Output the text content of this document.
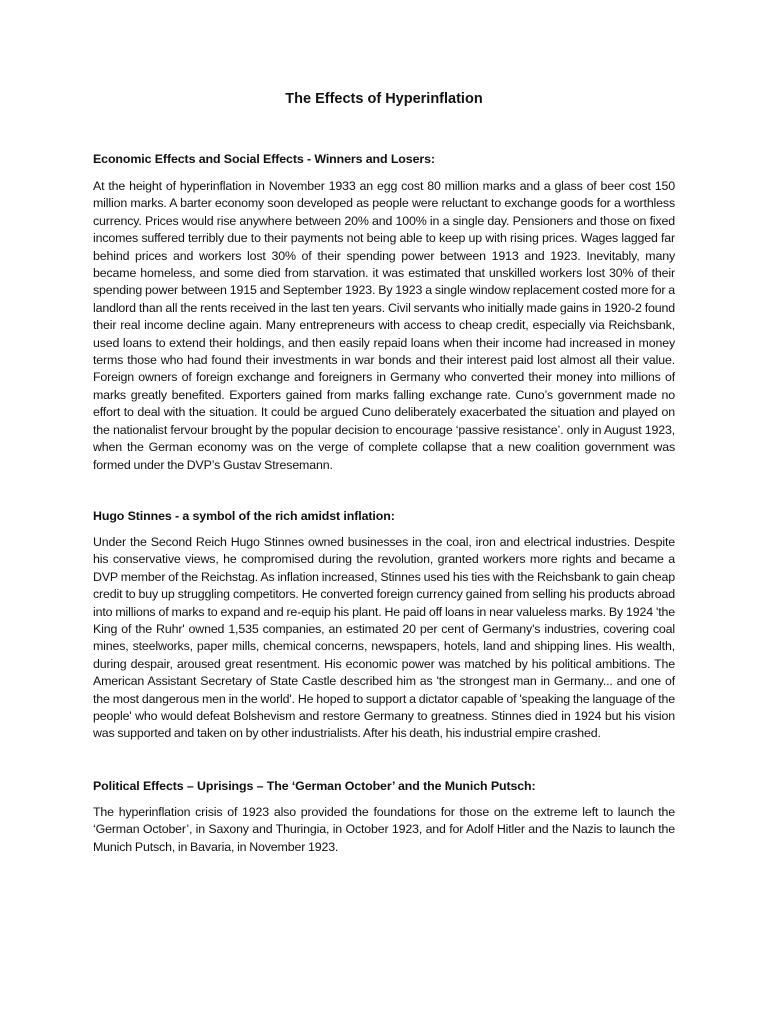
The Effects of Hyperinflation
Economic Effects and Social Effects - Winners and Losers:

At the height of hyperinflation in November 1933 an egg cost 80 million marks and a glass of beer cost 150 million marks. A barter economy soon developed as people were reluctant to exchange goods for a worthless currency. Prices would rise anywhere between 20% and 100% in a single day. Pensioners and those on fixed incomes suffered terribly due to their payments not being able to keep up with rising prices. Wages lagged far behind prices and workers lost 30% of their spending power between 1913 and 1923. Inevitably, many became homeless, and some died from starvation. it was estimated that unskilled workers lost 30% of their spending power between 1915 and September 1923. By 1923 a single window replacement costed more for a landlord than all the rents received in the last ten years. Civil servants who initially made gains in 1920-2 found their real income decline again. Many entrepreneurs with access to cheap credit, especially via Reichsbank, used loans to extend their holdings, and then easily repaid loans when their income had increased in money terms those who had found their investments in war bonds and their interest paid lost almost all their value. Foreign owners of foreign exchange and foreigners in Germany who converted their money into millions of marks greatly benefited. Exporters gained from marks falling exchange rate. Cuno’s government made no effort to deal with the situation. It could be argued Cuno deliberately exacerbated the situation and played on the nationalist fervour brought by the popular decision to encourage ‘passive resistance’. only in August 1923, when the German economy was on the verge of complete collapse that a new coalition government was formed under the DVP’s Gustav Stresemann.

Hugo Stinnes - a symbol of the rich amidst inflation:

Under the Second Reich Hugo Stinnes owned businesses in the coal, iron and electrical industries. Despite his conservative views, he compromised during the revolution, granted workers more rights and became a DVP member of the Reichstag. As inflation increased, Stinnes used his ties with the Reichsbank to gain cheap credit to buy up struggling competitors. He converted foreign currency gained from selling his products abroad into millions of marks to expand and re-equip his plant. He paid off loans in near valueless marks. By 1924 'the King of the Ruhr' owned 1,535 companies, an estimated 20 per cent of Germany's industries, covering coal mines, steelworks, paper mills, chemical concerns, newspapers, hotels, land and shipping lines. His wealth, during despair, aroused great resentment. His economic power was matched by his political ambitions. The American Assistant Secretary of State Castle described him as 'the strongest man in Germany... and one of the most dangerous men in the world'. He hoped to support a dictator capable of 'speaking the language of the people' who would defeat Bolshevism and restore Germany to greatness. Stinnes died in 1924 but his vision was supported and taken on by other industrialists. After his death, his industrial empire crashed.

Political Effects – Uprisings – The ‘German October’ and the Munich Putsch:

The hyperinflation crisis of 1923 also provided the foundations for those on the extreme left to launch the ‘German October’, in Saxony and Thuringia, in October 1923, and for Adolf Hitler and the Nazis to launch the Munich Putsch, in Bavaria, in November 1923.
